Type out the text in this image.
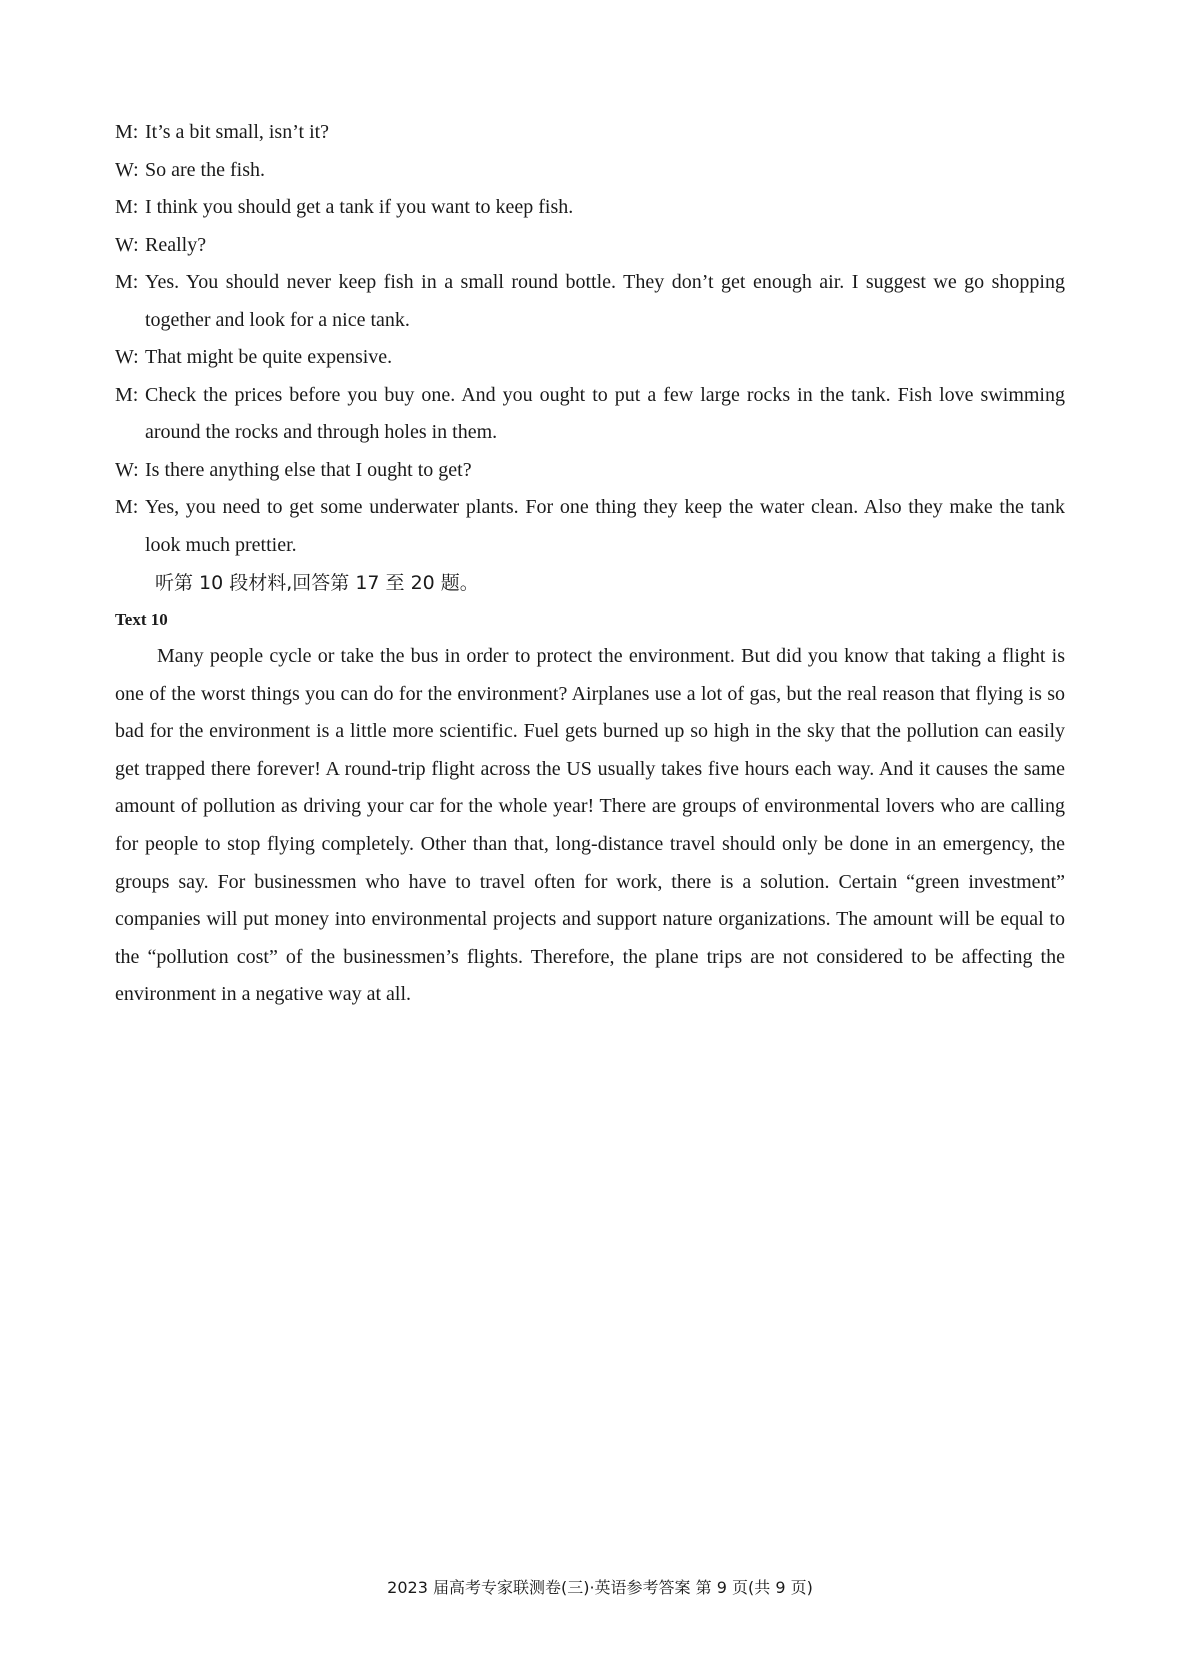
M: It’s a bit small, isn’t it?

W: So are the fish.

M: I think you should get a tank if you want to keep fish.

W: Really?

M: Yes. You should never keep fish in a small round bottle. They don’t get enough air. I suggest we go shopping together and look for a nice tank.

W: That might be quite expensive.

M: Check the prices before you buy one. And you ought to put a few large rocks in the tank. Fish love swimming around the rocks and through holes in them.

W: Is there anything else that I ought to get?

M: Yes, you need to get some underwater plants. For one thing they keep the water clean. Also they make the tank look much prettier.

听第 10 段材料,回答第 17 至 20 题。

Text 10

Many people cycle or take the bus in order to protect the environment. But did you know that taking a flight is one of the worst things you can do for the environment? Airplanes use a lot of gas, but the real reason that flying is so bad for the environment is a little more scientific. Fuel gets burned up so high in the sky that the pollution can easily get trapped there forever! A round-trip flight across the US usually takes five hours each way. And it causes the same amount of pollution as driving your car for the whole year! There are groups of environmental lovers who are calling for people to stop flying completely. Other than that, long-distance travel should only be done in an emergency, the groups say. For businessmen who have to travel often for work, there is a solution. Certain “green investment” companies will put money into environmental projects and support nature organizations. The amount will be equal to the “pollution cost” of the businessmen’s flights. Therefore, the plane trips are not considered to be affecting the environment in a negative way at all.

2023 届高考专家联测卷(三)·英语参考答案 第 9 页(共 9 页)
